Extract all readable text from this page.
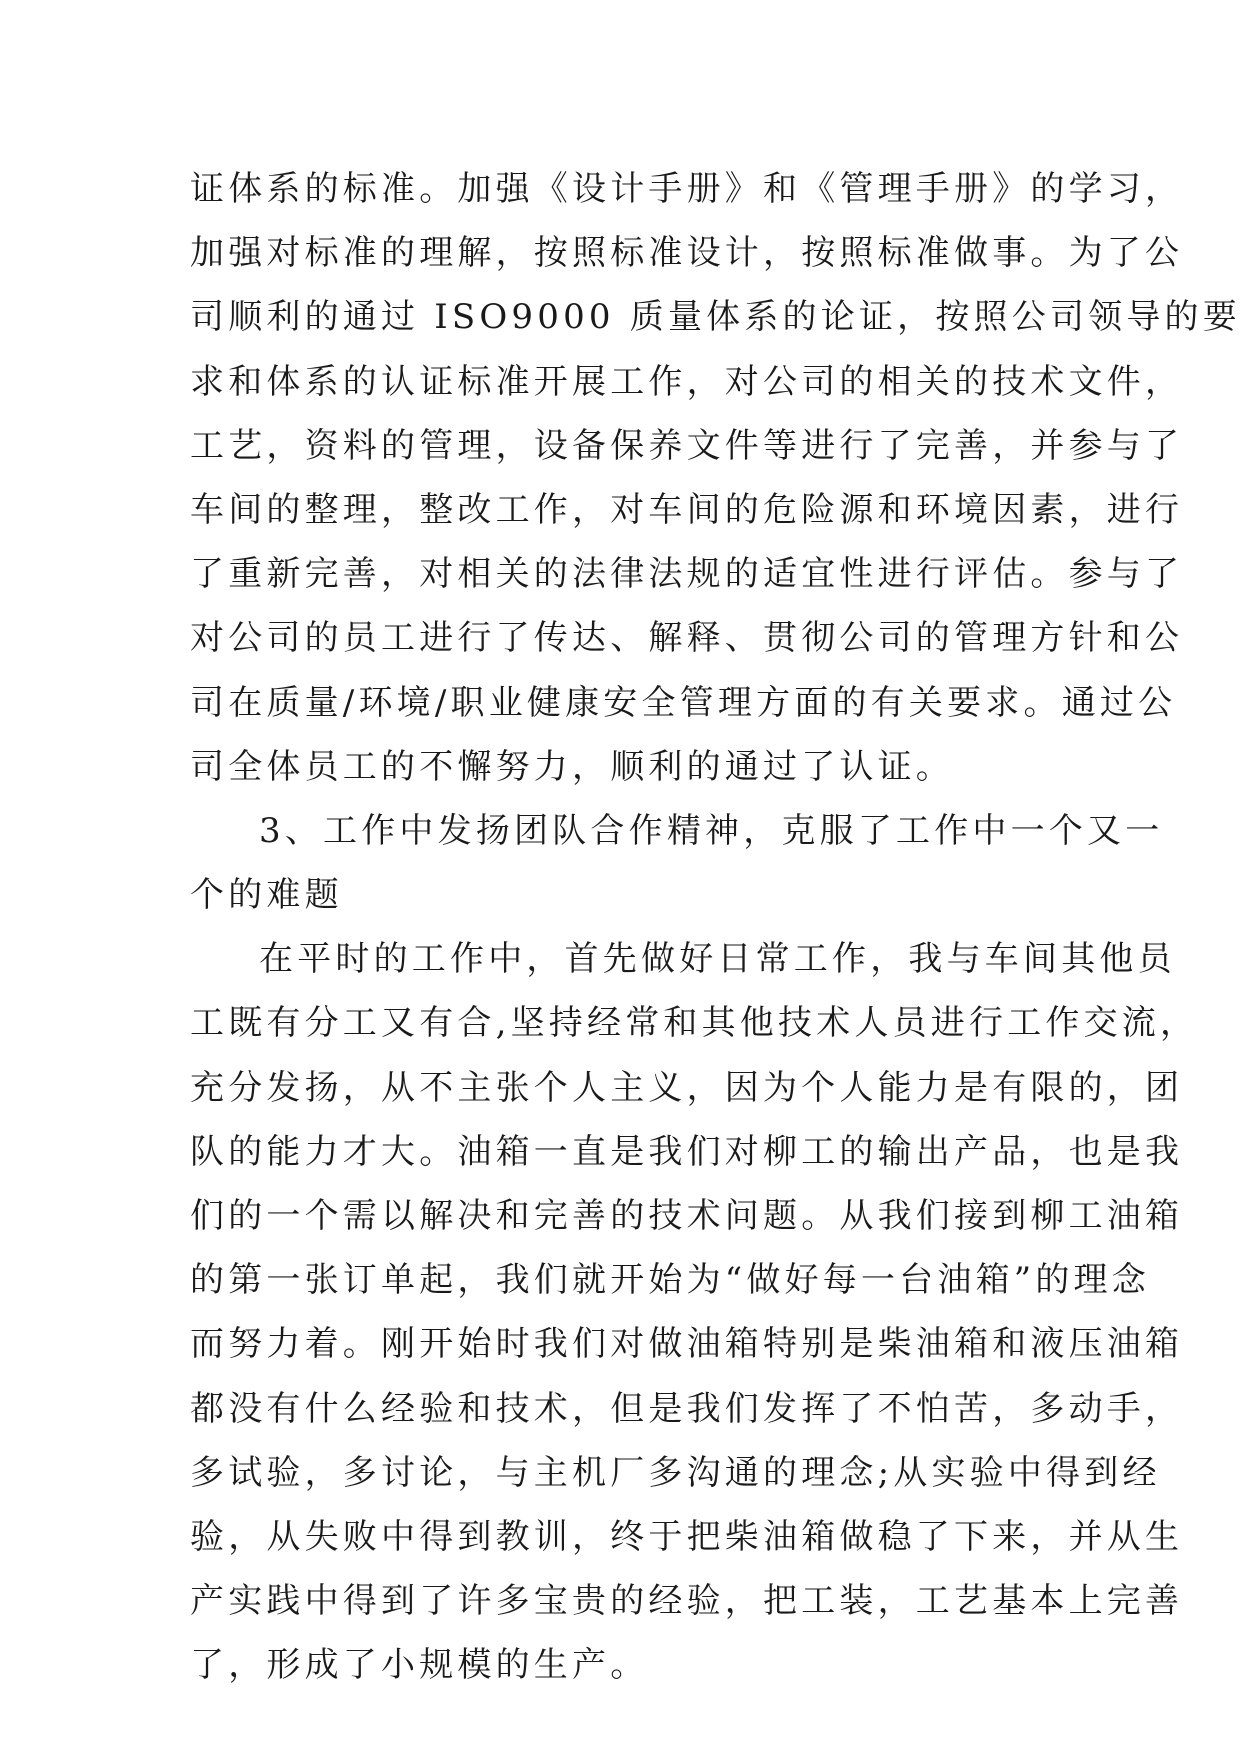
证体系的标准。加强《设计手册》和《管理手册》的学习，
加强对标准的理解，按照标准设计，按照标准做事。为了公
司顺利的通过 ISO9000 质量体系的论证，按照公司领导的要
求和体系的认证标准开展工作，对公司的相关的技术文件，
工艺，资料的管理，设备保养文件等进行了完善，并参与了
车间的整理，整改工作，对车间的危险源和环境因素，进行
了重新完善，对相关的法律法规的适宜性进行评估。参与了
对公司的员工进行了传达、解释、贯彻公司的管理方针和公
司在质量/环境/职业健康安全管理方面的有关要求。通过公
司全体员工的不懈努力，顺利的通过了认证。
3、工作中发扬团队合作精神，克服了工作中一个又一
个的难题
在平时的工作中，首先做好日常工作，我与车间其他员
工既有分工又有合,坚持经常和其他技术人员进行工作交流，
充分发扬，从不主张个人主义，因为个人能力是有限的，团
队的能力才大。油箱一直是我们对柳工的输出产品，也是我
们的一个需以解决和完善的技术问题。从我们接到柳工油箱
的第一张订单起，我们就开始为“做好每一台油箱”的理念
而努力着。刚开始时我们对做油箱特别是柴油箱和液压油箱
都没有什么经验和技术，但是我们发挥了不怕苦，多动手，
多试验，多讨论，与主机厂多沟通的理念;从实验中得到经
验，从失败中得到教训，终于把柴油箱做稳了下来，并从生
产实践中得到了许多宝贵的经验，把工装，工艺基本上完善
了，形成了小规模的生产。
